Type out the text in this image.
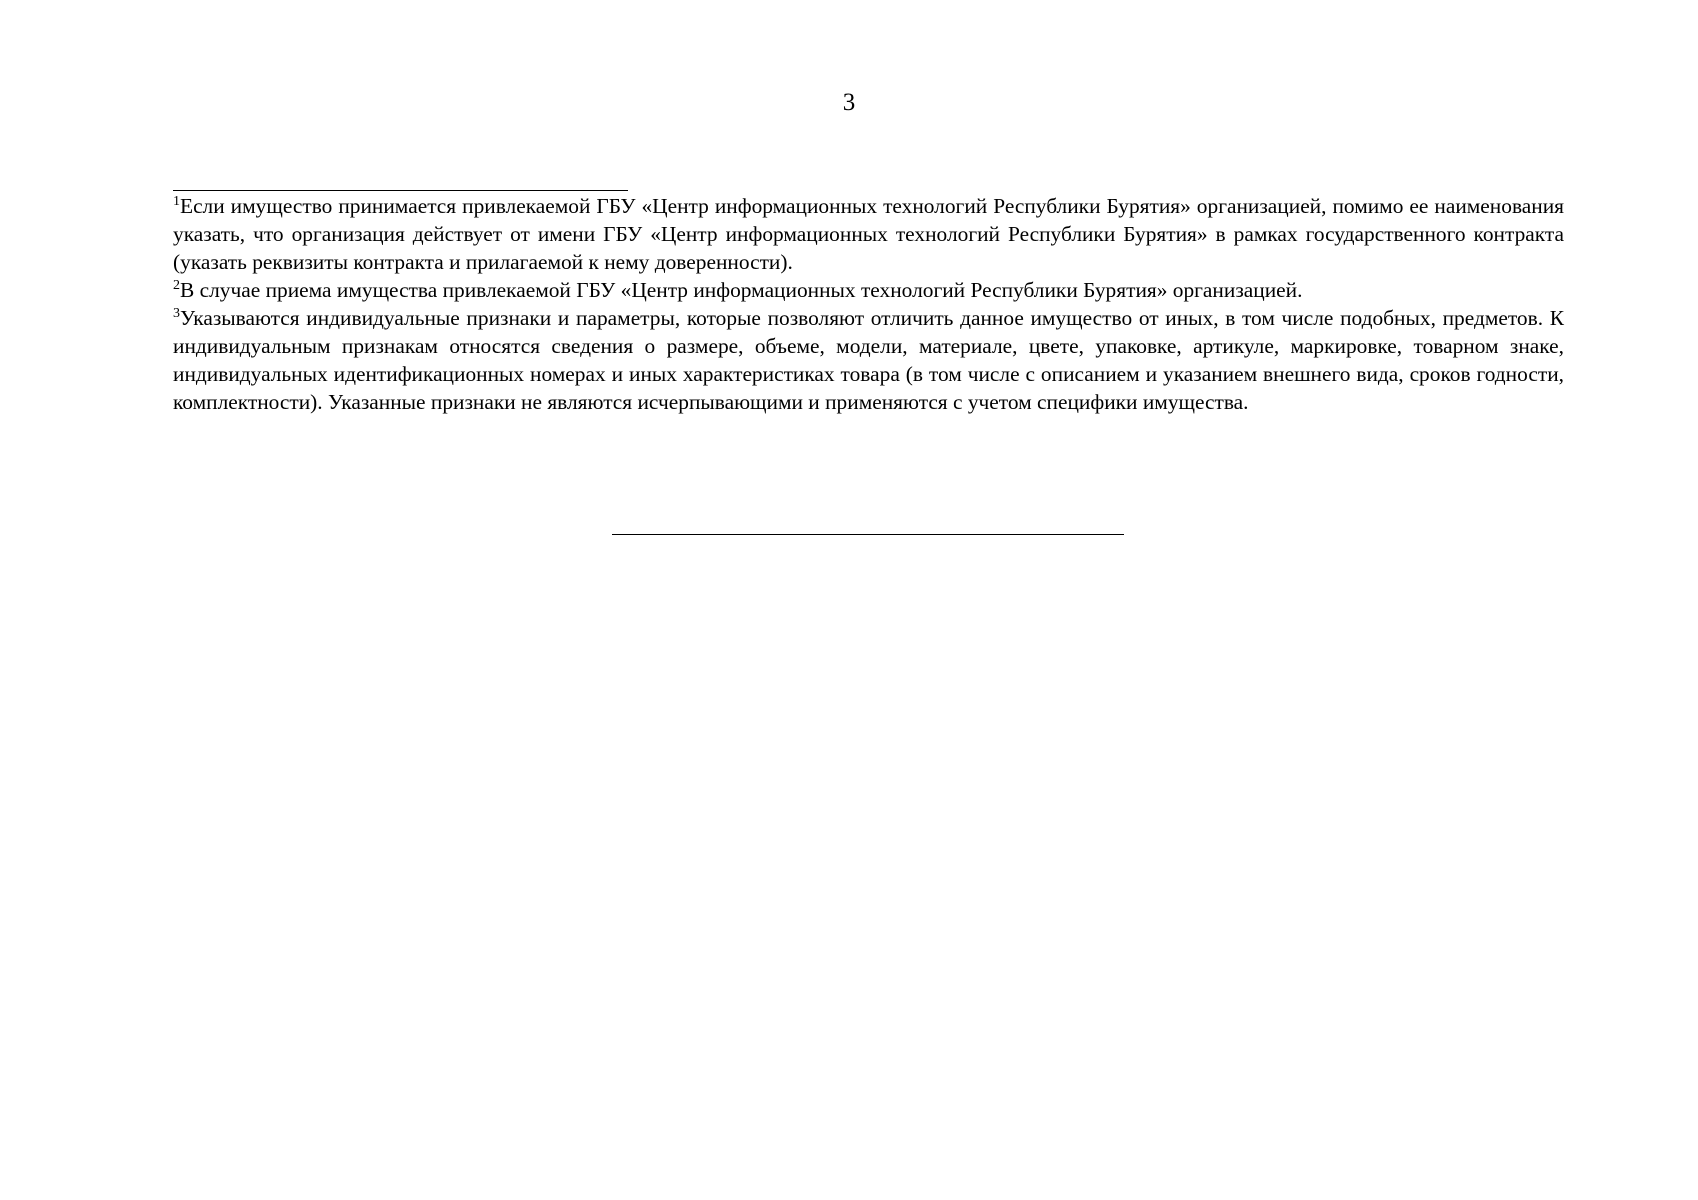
3

$^1$Если имущество принимается привлекаемой ГБУ «Центр информационных технологий Республики Бурятия» организацией, помимо ее наименования указать, что организация действует от имени ГБУ «Центр информационных технологий Республики Бурятия» в рамках государственного контракта (указать реквизиты контракта и прилагаемой к нему доверенности).

$^2$В случае приема имущества привлекаемой ГБУ «Центр информационных технологий Республики Бурятия» организацией.

$^3$Указываются индивидуальные признаки и параметры, которые позволяют отличить данное имущество от иных, в том числе подобных, предметов. К индивидуальным признакам относятся сведения о размере, объеме, модели, материале, цвете, упаковке, артикуле, маркировке, товарном знаке, индивидуальных идентификационных номерах и иных характеристиках товара (в том числе с описанием и указанием внешнего вида, сроков годности, комплектности). Указанные признаки не являются исчерпывающими и применяются с учетом специфики имущества.
